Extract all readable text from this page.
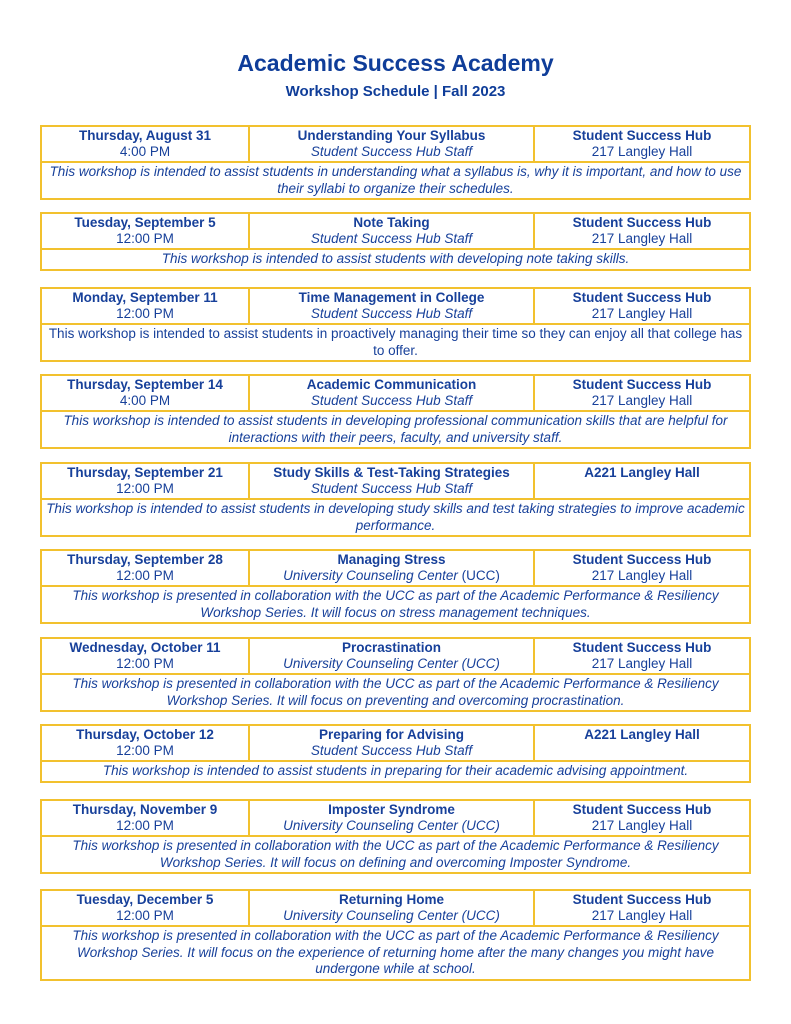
Academic Success Academy
Workshop Schedule | Fall 2023
Thursday, August 31
4:00 PM
Understanding Your Syllabus
Student Success Hub Staff
Student Success Hub
217 Langley Hall
This workshop is intended to assist students in understanding what a syllabus is, why it is important, and how to use their syllabi to organize their schedules.
Tuesday, September 5
12:00 PM
Note Taking
Student Success Hub Staff
Student Success Hub
217 Langley Hall
This workshop is intended to assist students with developing note taking skills.
Monday, September 11
12:00 PM
Time Management in College
Student Success Hub Staff
Student Success Hub
217 Langley Hall
This workshop is intended to assist students in proactively managing their time so they can enjoy all that college has to offer.
Thursday, September 14
4:00 PM
Academic Communication
Student Success Hub Staff
Student Success Hub
217 Langley Hall
This workshop is intended to assist students in developing professional communication skills that are helpful for interactions with their peers, faculty, and university staff.
Thursday, September 21
12:00 PM
Study Skills & Test-Taking Strategies
Student Success Hub Staff
A221 Langley Hall
This workshop is intended to assist students in developing study skills and test taking strategies to improve academic performance.
Thursday, September 28
12:00 PM
Managing Stress
University Counseling Center (UCC)
Student Success Hub
217 Langley Hall
This workshop is presented in collaboration with the UCC as part of the Academic Performance & Resiliency Workshop Series. It will focus on stress management techniques.
Wednesday, October 11
12:00 PM
Procrastination
University Counseling Center (UCC)
Student Success Hub
217 Langley Hall
This workshop is presented in collaboration with the UCC as part of the Academic Performance & Resiliency Workshop Series. It will focus on preventing and overcoming procrastination.
Thursday, October 12
12:00 PM
Preparing for Advising
Student Success Hub Staff
A221 Langley Hall
This workshop is intended to assist students in preparing for their academic advising appointment.
Thursday, November 9
12:00 PM
Imposter Syndrome
University Counseling Center (UCC)
Student Success Hub
217 Langley Hall
This workshop is presented in collaboration with the UCC as part of the Academic Performance & Resiliency Workshop Series. It will focus on defining and overcoming Imposter Syndrome.
Tuesday, December 5
12:00 PM
Returning Home
University Counseling Center (UCC)
Student Success Hub
217 Langley Hall
This workshop is presented in collaboration with the UCC as part of the Academic Performance & Resiliency Workshop Series. It will focus on the experience of returning home after the many changes you might have undergone while at school.
